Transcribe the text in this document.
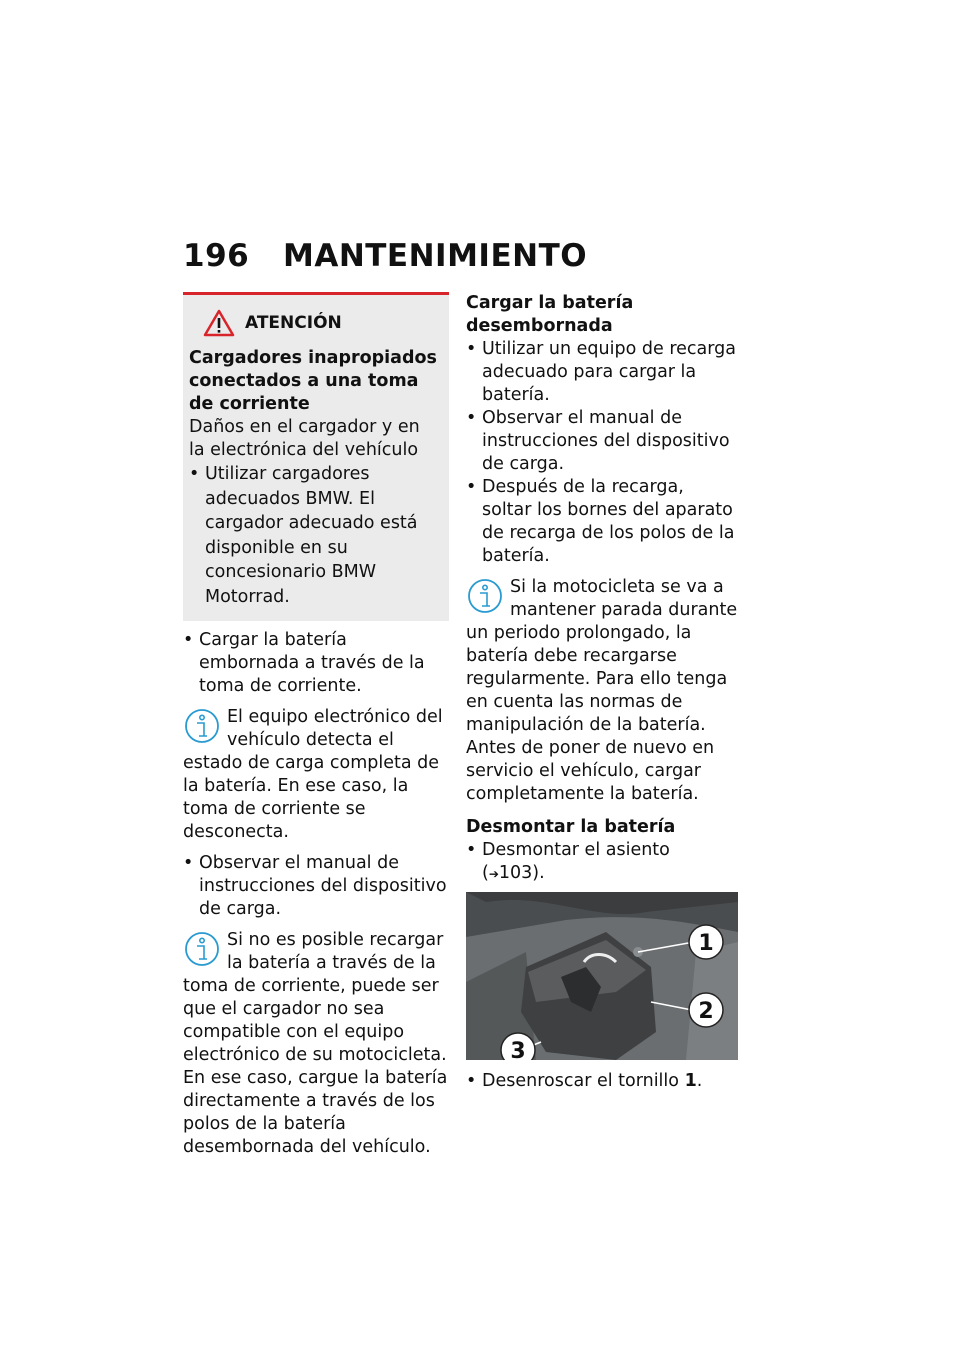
196 MANTENIMIENTO
ATENCIÓN

Cargadores inapropiados conectados a una toma de corriente

Daños en el cargador y en la electrónica del vehículo

• Utilizar cargadores adecuados BMW. El cargador adecuado está disponible en su concesionario BMW Motorrad.

• Cargar la batería embornada a través de la toma de corriente.

El equipo electrónico del vehículo detecta el estado de carga completa de la batería. En ese caso, la toma de corriente se desconecta.

• Observar el manual de instrucciones del dispositivo de carga.

Si no es posible recargar la batería a través de la toma de corriente, puede ser que el cargador no sea compatible con el equipo electrónico de su motocicleta. En ese caso, cargue la batería directamente a través de los polos de la batería desembornada del vehículo.

Cargar la batería desembornada

• Utilizar un equipo de recarga adecuado para cargar la batería.

• Observar el manual de instrucciones del dispositivo de carga.

• Después de la recarga, soltar los bornes del aparato de recarga de los polos de la batería.

Si la motocicleta se va a mantener parada durante un periodo prolongado, la batería debe recargarse regularmente. Para ello tenga en cuenta las normas de manipulación de la batería. Antes de poner de nuevo en servicio el vehículo, cargar completamente la batería.

Desmontar la batería

• Desmontar el asiento (➔103).

1
2
3

• Desenroscar el tornillo 1.
